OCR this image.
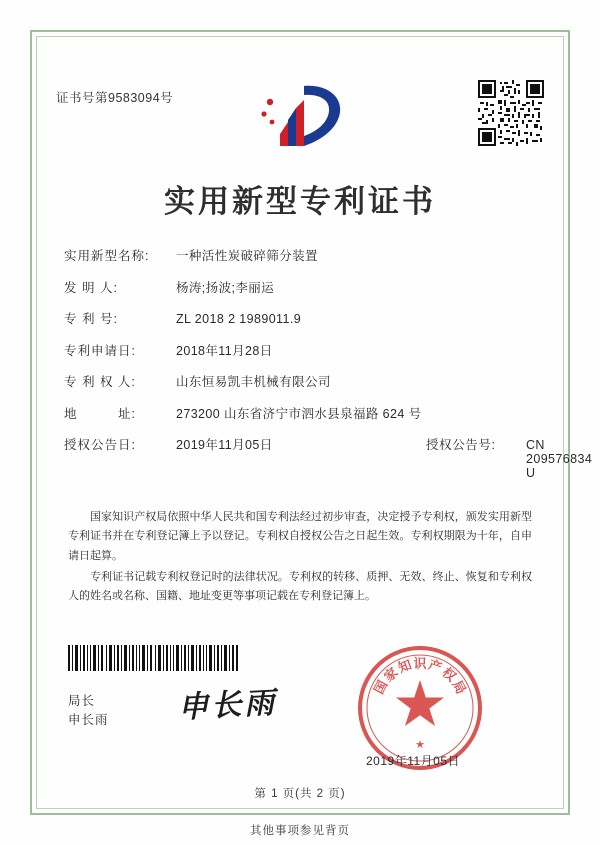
证书号第9583094号
实用新型专利证书
实用新型名称:	一种活性炭破碎筛分装置
发 明 人:	杨涛;扬波;李丽运
专 利 号:	ZL 2018 2 1989011.9
专利申请日:	2018年11月28日
专 利 权 人:	山东恒易凯丰机械有限公司
地　　　址:	273200 山东省济宁市泗水县泉福路 624 号
授权公告日:	2019年11月05日	授权公告号:	CN 209576834 U

国家知识产权局依照中华人民共和国专利法经过初步审查，决定授予专利权，颁发实用新型专利证书并在专利登记簿上予以登记。专利权自授权公告之日起生效。专利权期限为十年，自申请日起算。

专利证书记载专利权登记时的法律状况。专利权的转移、质押、无效、终止、恢复和专利权人的姓名或名称、国籍、地址变更等事项记载在专利登记簿上。

局长
申长雨 申长雨	国
家
知 识 产
权
局
★
2019年11月05日
第 1 页(共 2 页)
其他事项参见背页
